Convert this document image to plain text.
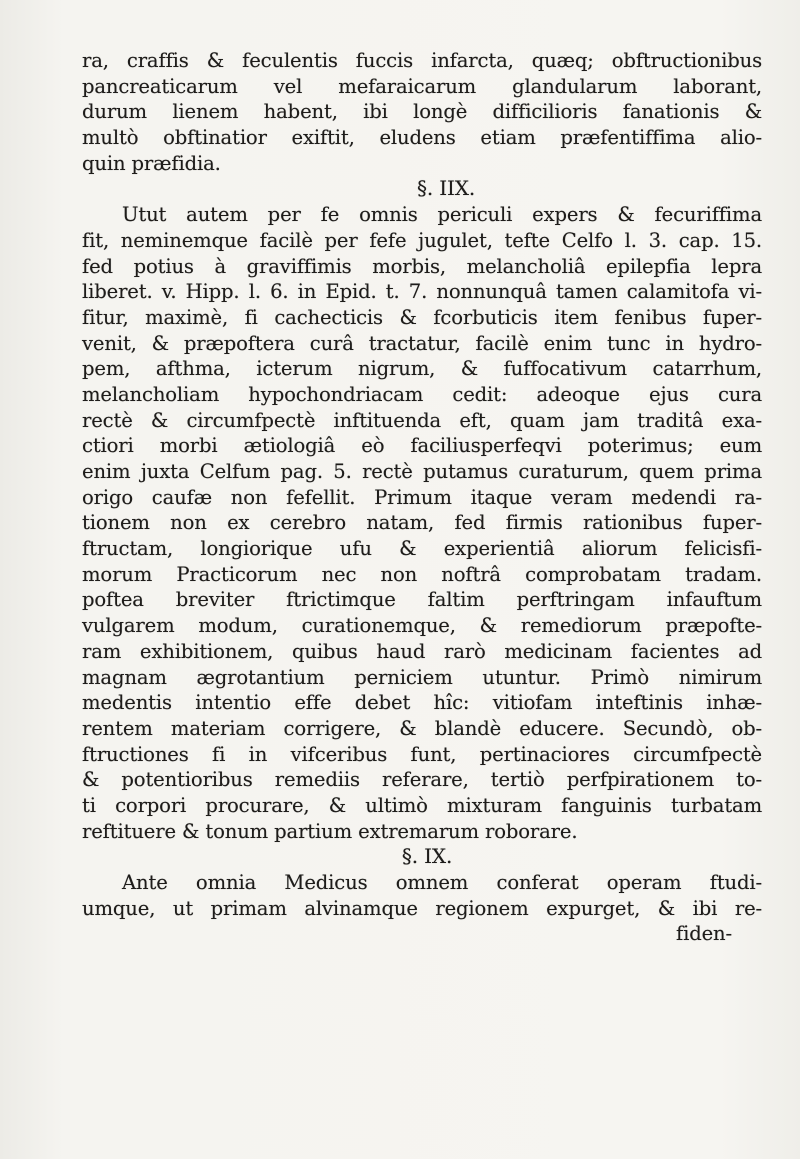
ra, craffis & feculentis fuccis infarcta, quæq; obftructionibus
pancreaticarum vel mefaraicarum glandularum laborant,
durum lienem habent, ibi longè difficilioris fanationis &
multò obftinatior exiftit, eludens etiam præfentiffima alio-
quin præfidia.
§. IIX.
Utut autem per fe omnis periculi expers & fecuriffima
fit, neminemque facilè per fefe jugulet, tefte Celfo l. 3. cap. 15.
fed potius à graviffimis morbis, melancholiâ epilepfia lepra
liberet. v. Hipp. l. 6. in Epid. t. 7. nonnunquâ tamen calamitofa vi-
fitur, maximè, fi cachecticis & fcorbuticis item fenibus fuper-
venit, & præpoftera curâ tractatur, facilè enim tunc in hydro-
pem, afthma, icterum nigrum, & fuffocativum catarrhum,
melancholiam hypochondriacam cedit: adeoque ejus cura
rectè & circumfpectè inftituenda eft, quam jam traditâ exa-
ctiori morbi ætiologiâ eò faciliusperfeqvi poterimus; eum
enim juxta Celfum pag. 5. rectè putamus curaturum, quem prima
origo caufæ non fefellit. Primum itaque veram medendi ra-
tionem non ex cerebro natam, fed firmis rationibus fuper-
ftructam, longiorique ufu & experientiâ aliorum felicisfi-
morum Practicorum nec non noftrâ comprobatam tradam.
poftea breviter ftrictimque faltim perftringam infauftum
vulgarem modum, curationemque, & remediorum præpofte-
ram exhibitionem, quibus haud rarò medicinam facientes ad
magnam ægrotantium perniciem utuntur. Primò nimirum
medentis intentio effe debet hîc: vitiofam inteftinis inhæ-
rentem materiam corrigere, & blandè educere. Secundò, ob-
ftructiones fi in vifceribus funt, pertinaciores circumfpectè
& potentioribus remediis referare, tertiò perfpirationem to-
ti corpori procurare, & ultimò mixturam fanguinis turbatam
reftituere & tonum partium extremarum roborare.
§. IX.
Ante omnia Medicus omnem conferat operam ftudi-
umque, ut primam alvinamque regionem expurget, & ibi re-
fiden-
